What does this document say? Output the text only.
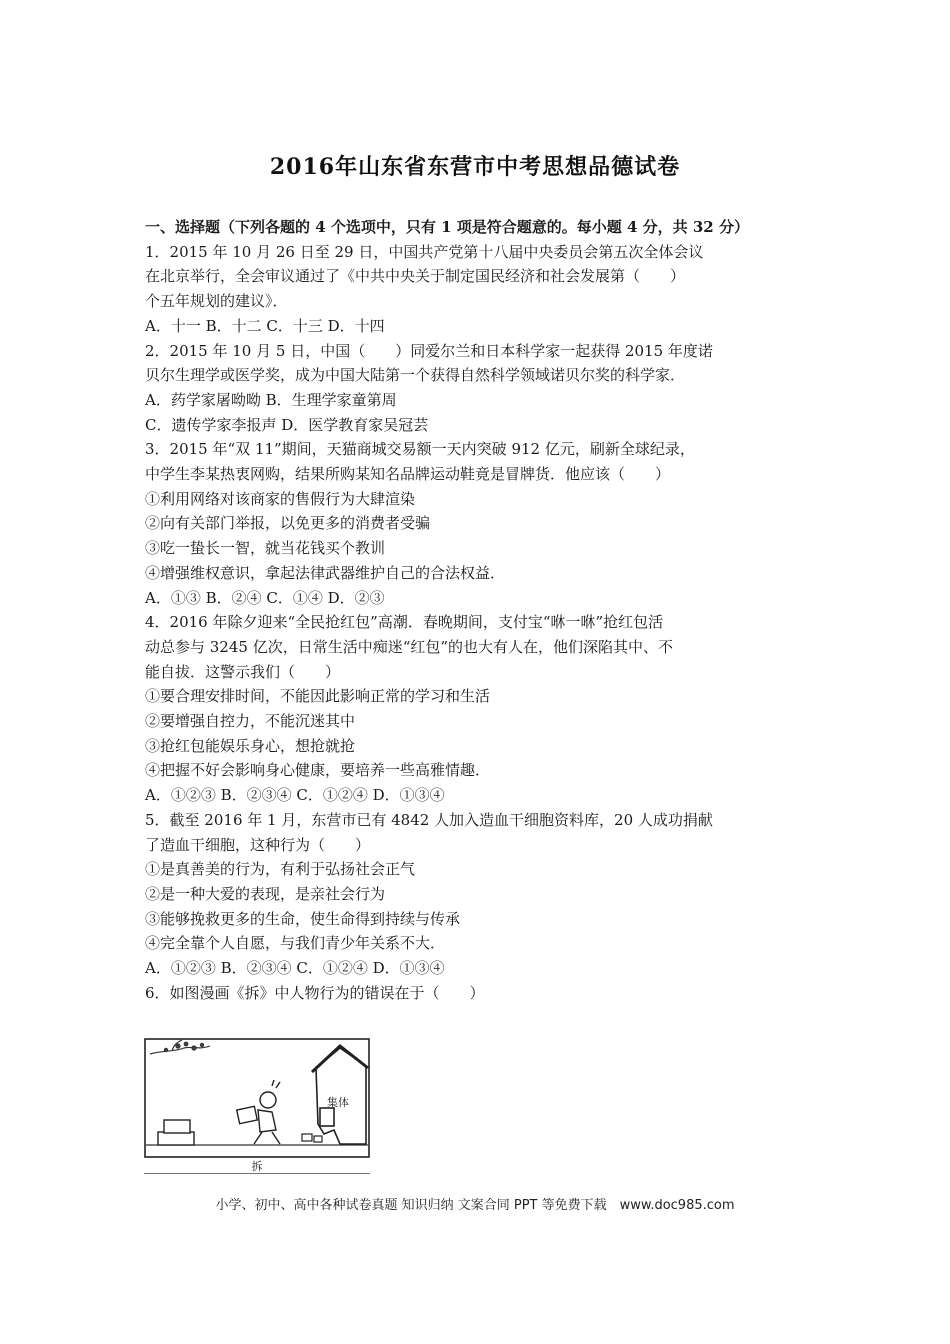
2016年山东省东营市中考思想品德试卷
一、选择题（下列各题的 4 个选项中，只有 1 项是符合题意的。每小题 4 分，共 32 分）
1．2015 年 10 月 26 日至 29 日，中国共产党第十八届中央委员会第五次全体会议
在北京举行，全会审议通过了《中共中央关于制定国民经济和社会发展第（　　）
个五年规划的建议》．
A．十一 B．十二 C．十三 D．十四
2．2015 年 10 月 5 日，中国（　　）同爱尔兰和日本科学家一起获得 2015 年度诺
贝尔生理学或医学奖，成为中国大陆第一个获得自然科学领域诺贝尔奖的科学家．
A．药学家屠呦呦 B．生理学家童第周
C．遗传学家李报声 D．医学教育家吴冠芸
3．2015 年“双 11”期间，天猫商城交易额一天内突破 912 亿元，刷新全球纪录，
中学生李某热衷网购，结果所购某知名品牌运动鞋竟是冒牌货．他应该（　　）
①利用网络对该商家的售假行为大肆渲染
②向有关部门举报，以免更多的消费者受骗
③吃一蛰长一智，就当花钱买个教训
④增强维权意识，拿起法律武器维护自己的合法权益．
A．①③ B．②④ C．①④ D．②③
4．2016 年除夕迎来“全民抢红包”高潮．春晚期间，支付宝“咻一咻”抢红包活
动总参与 3245 亿次，日常生活中痴迷“红包”的也大有人在，他们深陷其中、不
能自拔．这警示我们（　　）
①要合理安排时间，不能因此影响正常的学习和生活
②要增强自控力，不能沉迷其中
③抢红包能娱乐身心，想抢就抢
④把握不好会影响身心健康，要培养一些高雅情趣．
A．①②③ B．②③④ C．①②④ D．①③④
5．截至 2016 年 1 月，东营市已有 4842 人加入造血干细胞资料库，20 人成功捐献
了造血干细胞，这种行为（　　）
①是真善美的行为，有利于弘扬社会正气
②是一种大爱的表现，是亲社会行为
③能够挽救更多的生命，使生命得到持续与传承
④完全靠个人自愿，与我们青少年关系不大．
A．①②③ B．②③④ C．①②④ D．①③④
6．如图漫画《拆》中人物行为的错误在于（　　）
集体
拆
小学、初中、高中各种试卷真题 知识归纳 文案合同 PPT 等免费下载　www.doc985.com
